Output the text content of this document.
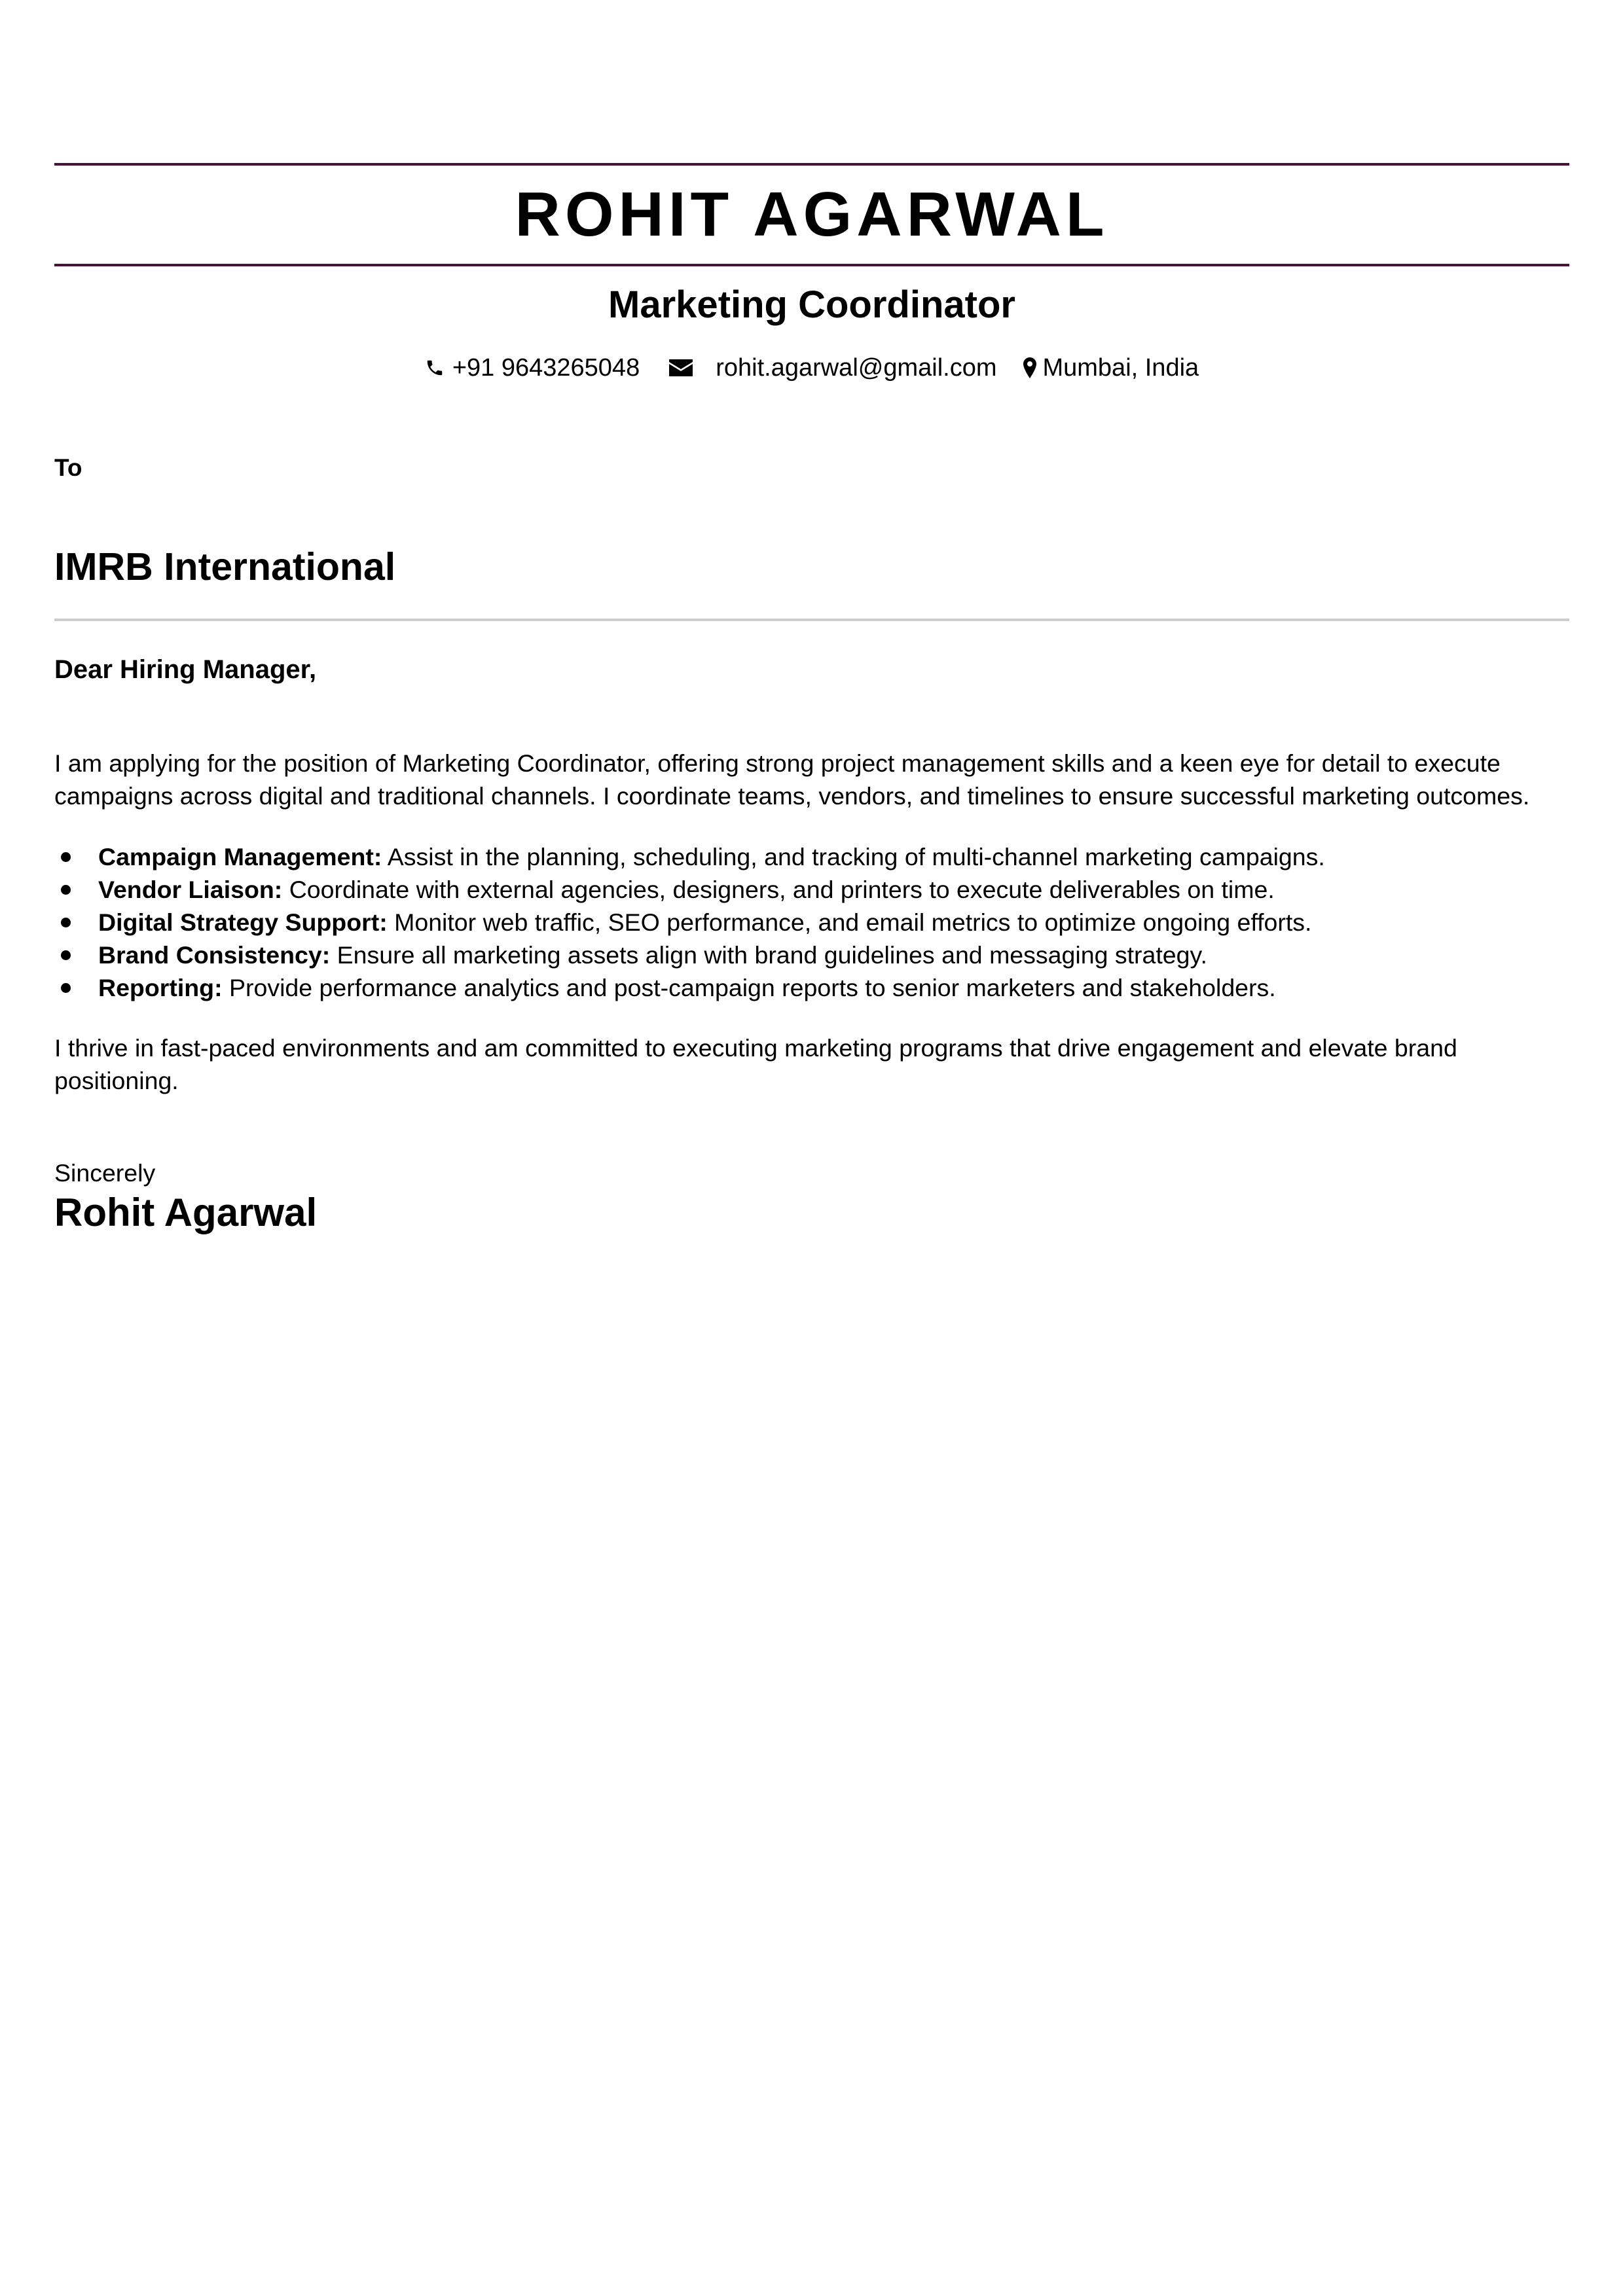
ROHIT AGARWAL
Marketing Coordinator
+91 9643265048	rohit.agarwal@gmail.com Mumbai, India
To
IMRB International
Dear Hiring Manager,
I am applying for the position of Marketing Coordinator, offering strong project management skills and a keen eye for detail to execute campaigns across digital and traditional channels. I coordinate teams, vendors, and timelines to ensure successful marketing outcomes.
Campaign Management: Assist in the planning, scheduling, and tracking of multi-channel marketing campaigns.
Vendor Liaison: Coordinate with external agencies, designers, and printers to execute deliverables on time.
Digital Strategy Support: Monitor web traffic, SEO performance, and email metrics to optimize ongoing efforts.
Brand Consistency: Ensure all marketing assets align with brand guidelines and messaging strategy.
Reporting: Provide performance analytics and post-campaign reports to senior marketers and stakeholders.
I thrive in fast-paced environments and am committed to executing marketing programs that drive engagement and elevate brand positioning.
Sincerely
Rohit Agarwal
